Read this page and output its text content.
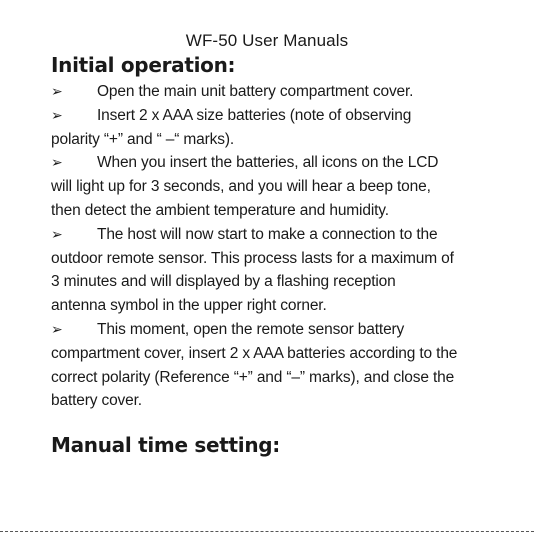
WF-50 User Manuals
Initial operation:
➢ Open the main unit battery compartment cover.
➢ Insert 2 x AAA size batteries (note of observing
polarity “+” and “ –“ marks).
➢ When you insert the batteries, all icons on the LCD
will light up for 3 seconds, and you will hear a beep tone,
then detect the ambient temperature and humidity.
➢ The host will now start to make a connection to the
outdoor remote sensor. This process lasts for a maximum of
3 minutes and will displayed by a flashing reception
antenna symbol in the upper right corner.
➢ This moment, open the remote sensor battery
compartment cover, insert 2 x AAA batteries according to the
correct polarity (Reference “+” and “–” marks), and close the
battery cover.
Manual time setting:
